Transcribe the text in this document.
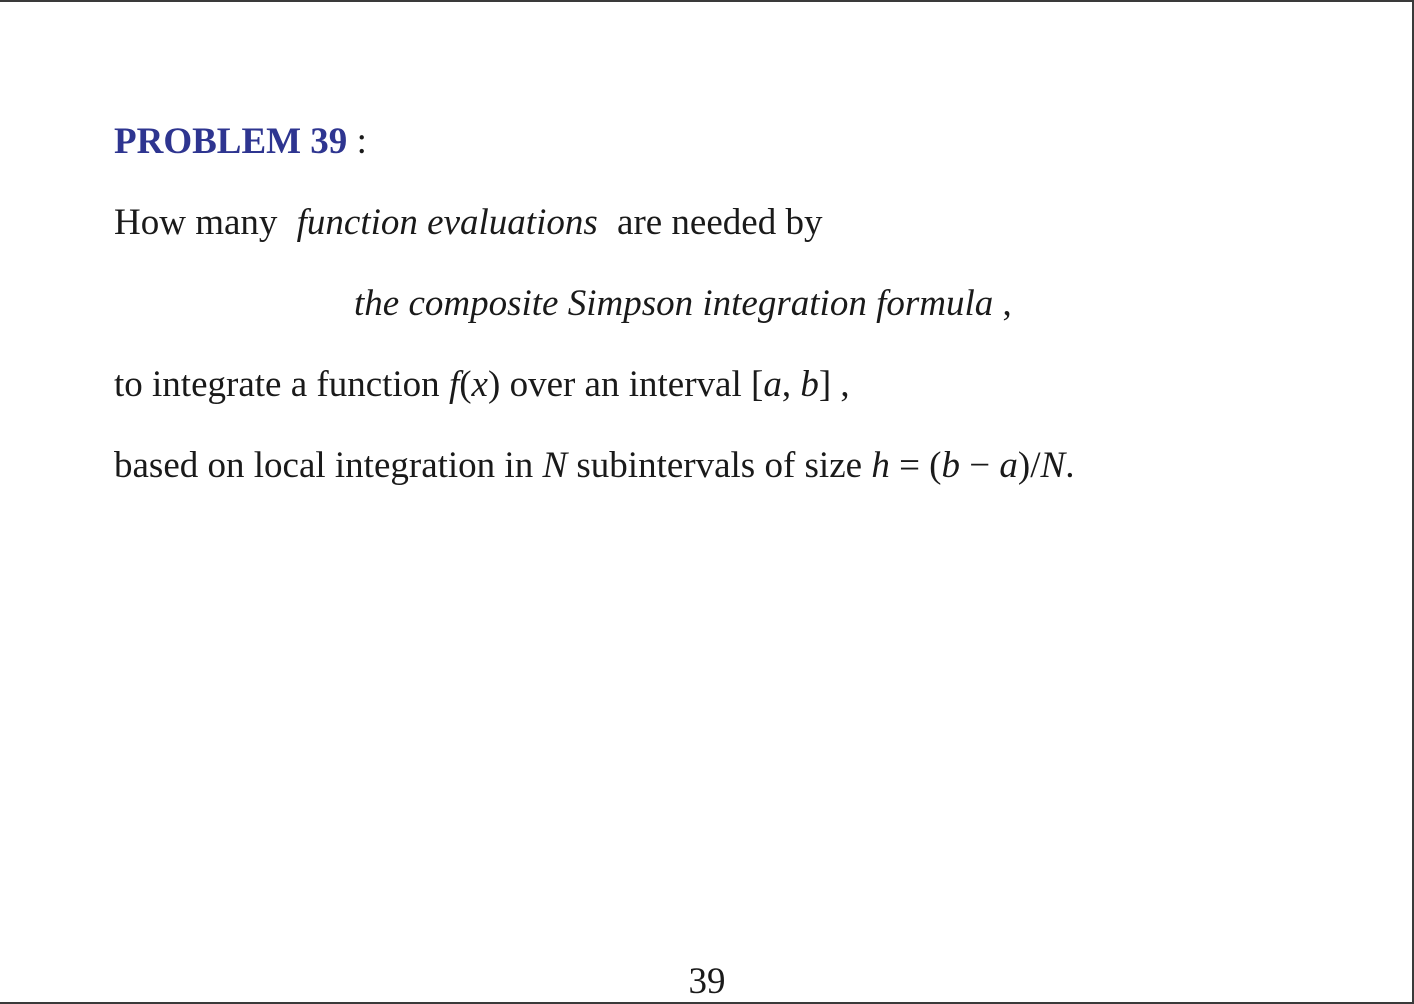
PROBLEM 39 :
How many function evaluations are needed by
the composite Simpson integration formula ,
to integrate a function f(x) over an interval [a, b] ,
based on local integration in N subintervals of size h = (b − a)/N.
39
